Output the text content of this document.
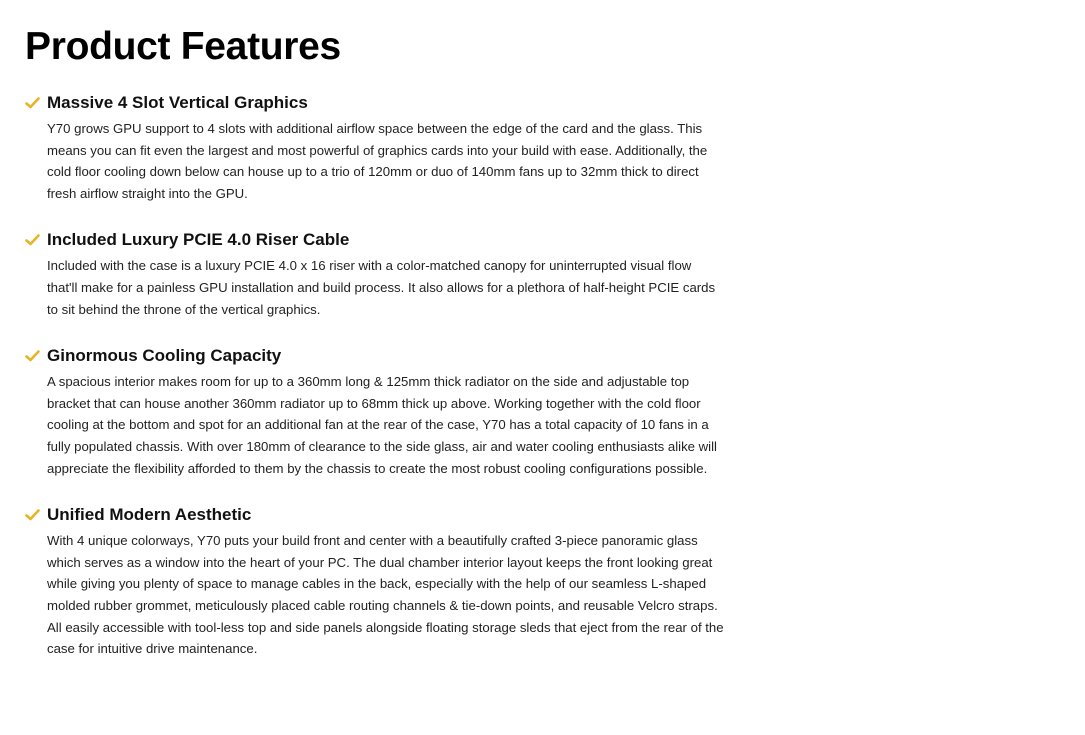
Product Features
Massive 4 Slot Vertical Graphics

Y70 grows GPU support to 4 slots with additional airflow space between the edge of the card and the glass. This means you can fit even the largest and most powerful of graphics cards into your build with ease. Additionally, the cold floor cooling down below can house up to a trio of 120mm or duo of 140mm fans up to 32mm thick to direct fresh airflow straight into the GPU.

Included Luxury PCIE 4.0 Riser Cable

Included with the case is a luxury PCIE 4.0 x 16 riser with a color-matched canopy for uninterrupted visual flow that'll make for a painless GPU installation and build process. It also allows for a plethora of half-height PCIE cards to sit behind the throne of the vertical graphics.

Ginormous Cooling Capacity

A spacious interior makes room for up to a 360mm long & 125mm thick radiator on the side and adjustable top bracket that can house another 360mm radiator up to 68mm thick up above. Working together with the cold floor cooling at the bottom and spot for an additional fan at the rear of the case, Y70 has a total capacity of 10 fans in a fully populated chassis. With over 180mm of clearance to the side glass, air and water cooling enthusiasts alike will appreciate the flexibility afforded to them by the chassis to create the most robust cooling configurations possible.

Unified Modern Aesthetic

With 4 unique colorways, Y70 puts your build front and center with a beautifully crafted 3-piece panoramic glass which serves as a window into the heart of your PC. The dual chamber interior layout keeps the front looking great while giving you plenty of space to manage cables in the back, especially with the help of our seamless L-shaped molded rubber grommet, meticulously placed cable routing channels & tie-down points, and reusable Velcro straps. All easily accessible with tool-less top and side panels alongside floating storage sleds that eject from the rear of the case for intuitive drive maintenance.
